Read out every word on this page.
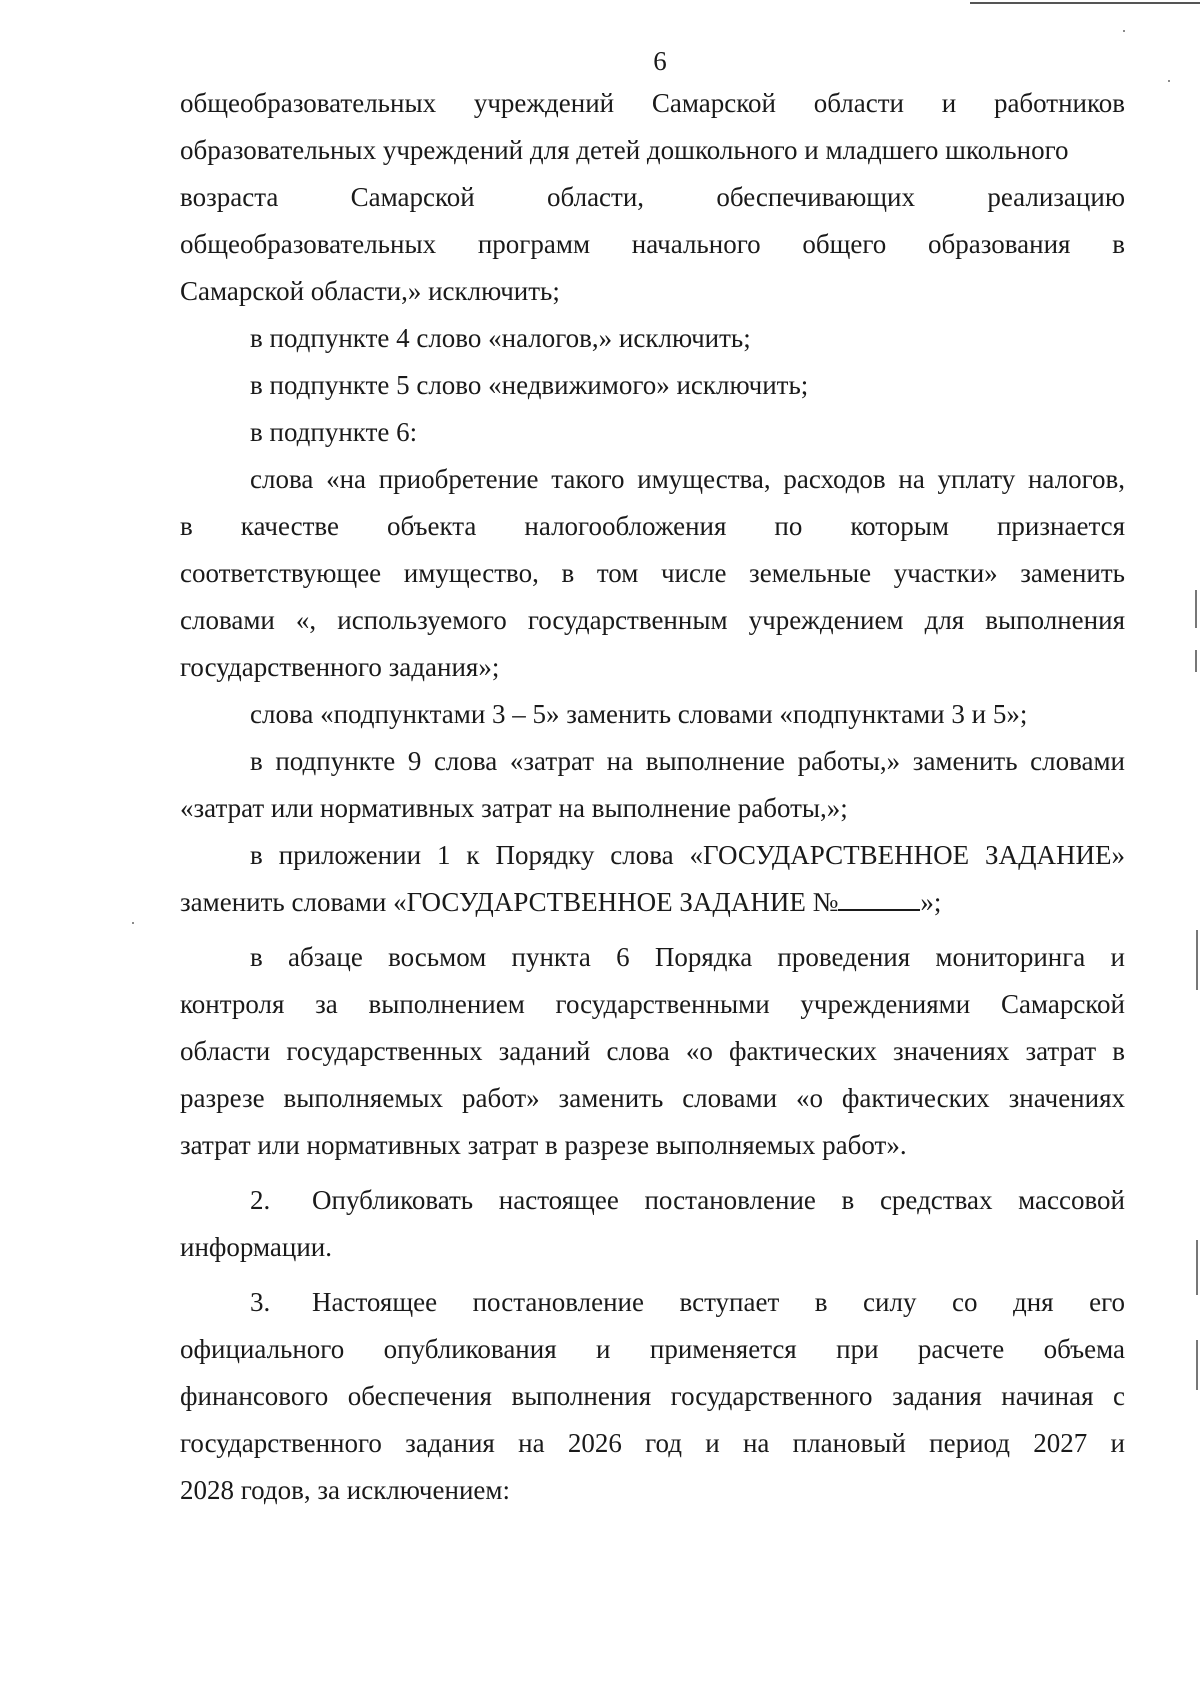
6
общеобразовательных учреждений Самарской области и работников
образовательных учреждений для детей дошкольного и младшего школьного
возраста Самарской области, обеспечивающих реализацию
общеобразовательных программ начального общего образования в
Самарской области,» исключить;
в подпункте 4 слово «налогов,» исключить;
в подпункте 5 слово «недвижимого» исключить;
в подпункте 6:
слова «на приобретение такого имущества, расходов на уплату налогов,
в качестве объекта налогообложения по которым признается
соответствующее имущество, в том числе земельные участки» заменить
словами «, используемого государственным учреждением для выполнения
государственного задания»;
слова «подпунктами 3 – 5» заменить словами «подпунктами 3 и 5»;
в подпункте 9 слова «затрат на выполнение работы,» заменить словами
«затрат или нормативных затрат на выполнение работы,»;
в приложении 1 к Порядку слова «ГОСУДАРСТВЕННОЕ ЗАДАНИЕ»
заменить словами «ГОСУДАРСТВЕННОЕ ЗАДАНИЕ №	»;
в абзаце восьмом пункта 6 Порядка проведения мониторинга и
контроля за выполнением государственными учреждениями Самарской
области государственных заданий слова «о фактических значениях затрат в
разрезе выполняемых работ» заменить словами «о фактических значениях
затрат или нормативных затрат в разрезе выполняемых работ».
2.	Опубликовать настоящее постановление в средствах массовой
информации.
3.	Настоящее постановление вступает в силу со дня его
официального опубликования и применяется при расчете объема
финансового обеспечения выполнения государственного задания начиная с
государственного задания на 2026 год и на плановый период 2027 и
2028 годов, за исключением:
